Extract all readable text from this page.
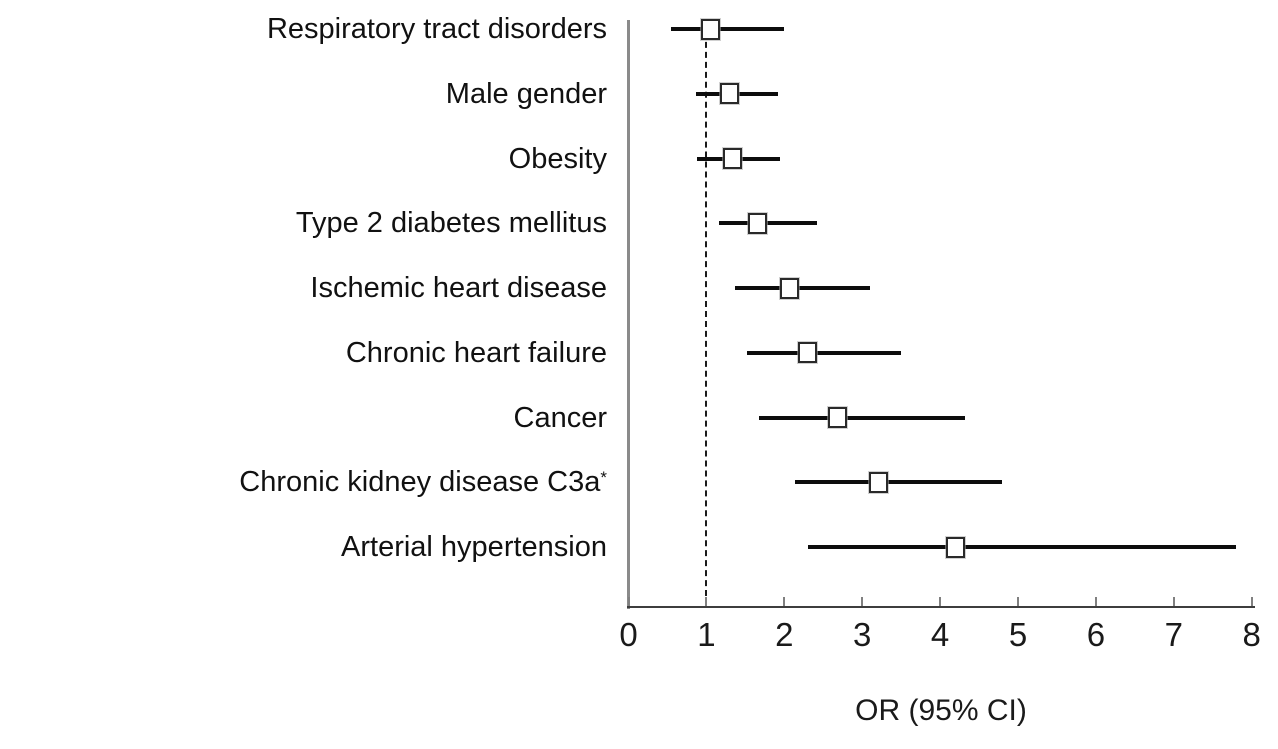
Respiratory tract disorders
Male gender
Obesity
Type 2 diabetes mellitus
Ischemic heart disease
Chronic heart failure
Cancer
Chronic kidney disease C3a*
Arterial hypertension
0	1	2	3	4	5	6	7	8
OR (95% CI)
